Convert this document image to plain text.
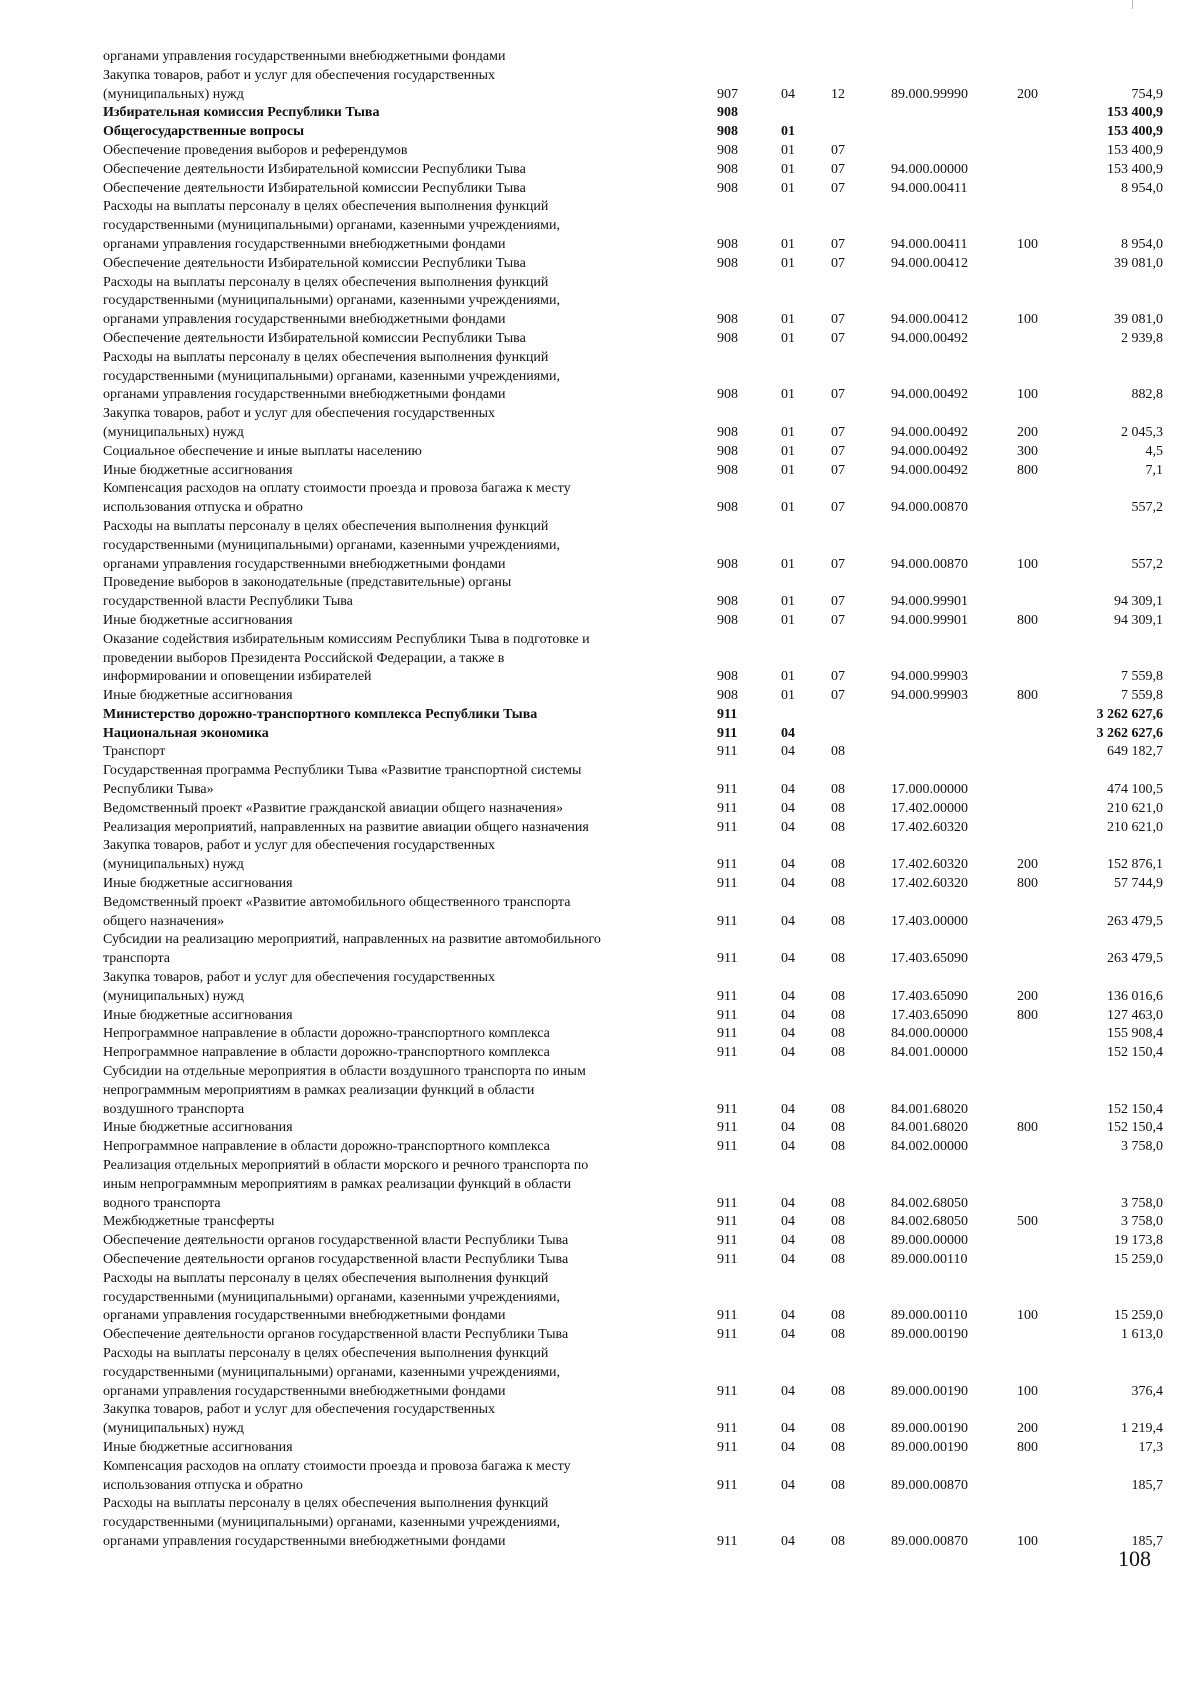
органами управления государственными внебюджетными фондами						
Закупка товаров, работ и услуг для обеспечения государственных
(муниципальных) нужд	907	04	12	89.000.99990	200	754,9
Избирательная комиссия Республики Тыва	908					153 400,9
Общегосударственные вопросы	908	01				153 400,9
Обеспечение проведения выборов и референдумов	908	01	07			153 400,9
Обеспечение деятельности Избирательной комиссии Республики Тыва	908	01	07	94.000.00000		153 400,9
Обеспечение деятельности Избирательной комиссии Республики Тыва	908	01	07	94.000.00411		8 954,0
Расходы на выплаты персоналу в целях обеспечения выполнения функций
государственными (муниципальными) органами, казенными учреждениями,
органами управления государственными внебюджетными фондами	908	01	07	94.000.00411	100	8 954,0
Обеспечение деятельности Избирательной комиссии Республики Тыва	908	01	07	94.000.00412		39 081,0
Расходы на выплаты персоналу в целях обеспечения выполнения функций
государственными (муниципальными) органами, казенными учреждениями,
органами управления государственными внебюджетными фондами	908	01	07	94.000.00412	100	39 081,0
Обеспечение деятельности Избирательной комиссии Республики Тыва	908	01	07	94.000.00492		2 939,8
Расходы на выплаты персоналу в целях обеспечения выполнения функций
государственными (муниципальными) органами, казенными учреждениями,
органами управления государственными внебюджетными фондами	908	01	07	94.000.00492	100	882,8
Закупка товаров, работ и услуг для обеспечения государственных
(муниципальных) нужд	908	01	07	94.000.00492	200	2 045,3
Социальное обеспечение и иные выплаты населению	908	01	07	94.000.00492	300	4,5
Иные бюджетные ассигнования	908	01	07	94.000.00492	800	7,1
Компенсация расходов на оплату стоимости проезда и провоза багажа к месту
использования отпуска и обратно	908	01	07	94.000.00870		557,2
Расходы на выплаты персоналу в целях обеспечения выполнения функций
государственными (муниципальными) органами, казенными учреждениями,
органами управления государственными внебюджетными фондами	908	01	07	94.000.00870	100	557,2
Проведение выборов в законодательные (представительные) органы
государственной власти Республики Тыва	908	01	07	94.000.99901		94 309,1
Иные бюджетные ассигнования	908	01	07	94.000.99901	800	94 309,1
Оказание содействия избирательным комиссиям Республики Тыва в подготовке и
проведении выборов Президента Российской Федерации, а также в
информировании и оповещении избирателей	908	01	07	94.000.99903		7 559,8
Иные бюджетные ассигнования	908	01	07	94.000.99903	800	7 559,8
Министерство дорожно-транспортного комплекса Республики Тыва	911					3 262 627,6
Национальная экономика	911	04				3 262 627,6
Транспорт	911	04	08			649 182,7
Государственная программа Республики Тыва «Развитие транспортной системы
Республики Тыва»	911	04	08	17.000.00000		474 100,5
Ведомственный проект «Развитие гражданской авиации общего назначения»	911	04	08	17.402.00000		210 621,0
Реализация мероприятий, направленных на развитие авиации общего назначения	911	04	08	17.402.60320		210 621,0
Закупка товаров, работ и услуг для обеспечения государственных
(муниципальных) нужд	911	04	08	17.402.60320	200	152 876,1
Иные бюджетные ассигнования	911	04	08	17.402.60320	800	57 744,9
Ведомственный проект «Развитие автомобильного общественного транспорта
общего назначения»	911	04	08	17.403.00000		263 479,5
Субсидии на реализацию мероприятий, направленных на развитие автомобильного
транспорта	911	04	08	17.403.65090		263 479,5
Закупка товаров, работ и услуг для обеспечения государственных
(муниципальных) нужд	911	04	08	17.403.65090	200	136 016,6
Иные бюджетные ассигнования	911	04	08	17.403.65090	800	127 463,0
Непрограммное направление в области дорожно-транспортного комплекса	911	04	08	84.000.00000		155 908,4
Непрограммное направление в области дорожно-транспортного комплекса	911	04	08	84.001.00000		152 150,4
Субсидии на отдельные мероприятия в области воздушного транспорта по иным
непрограммным мероприятиям в рамках реализации функций в области
воздушного транспорта	911	04	08	84.001.68020		152 150,4
Иные бюджетные ассигнования	911	04	08	84.001.68020	800	152 150,4
Непрограммное направление в области дорожно-транспортного комплекса	911	04	08	84.002.00000		3 758,0
Реализация отдельных мероприятий в области морского и речного транспорта по
иным непрограммным мероприятиям в рамках реализации функций в области
водного транспорта	911	04	08	84.002.68050		3 758,0
Межбюджетные трансферты	911	04	08	84.002.68050	500	3 758,0
Обеспечение деятельности органов государственной власти Республики Тыва	911	04	08	89.000.00000		19 173,8
Обеспечение деятельности органов государственной власти Республики Тыва	911	04	08	89.000.00110		15 259,0
Расходы на выплаты персоналу в целях обеспечения выполнения функций
государственными (муниципальными) органами, казенными учреждениями,
органами управления государственными внебюджетными фондами	911	04	08	89.000.00110	100	15 259,0
Обеспечение деятельности органов государственной власти Республики Тыва	911	04	08	89.000.00190		1 613,0
Расходы на выплаты персоналу в целях обеспечения выполнения функций
государственными (муниципальными) органами, казенными учреждениями,
органами управления государственными внебюджетными фондами	911	04	08	89.000.00190	100	376,4
Закупка товаров, работ и услуг для обеспечения государственных
(муниципальных) нужд	911	04	08	89.000.00190	200	1 219,4
Иные бюджетные ассигнования	911	04	08	89.000.00190	800	17,3
Компенсация расходов на оплату стоимости проезда и провоза багажа к месту
использования отпуска и обратно	911	04	08	89.000.00870		185,7
Расходы на выплаты персоналу в целях обеспечения выполнения функций
государственными (муниципальными) органами, казенными учреждениями,
органами управления государственными внебюджетными фондами	911	04	08	89.000.00870	100	185,7
108
